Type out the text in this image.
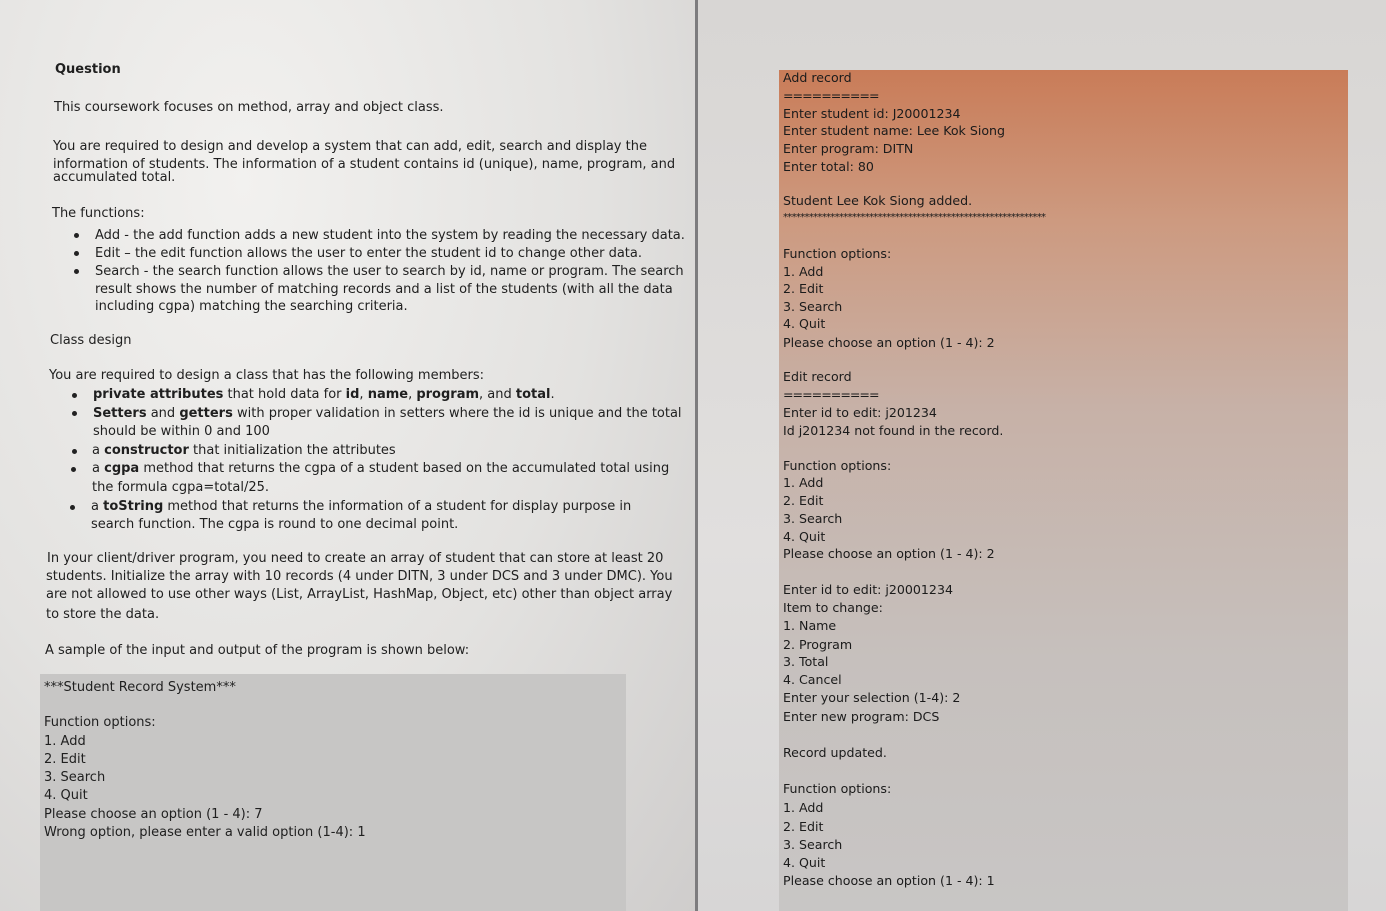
Question
This coursework focuses on method, array and object class.
You are required to design and develop a system that can add, edit, search and display the
information of students. The information of a student contains id (unique), name, program, and
accumulated total.
The functions:
Add - the add function adds a new student into the system by reading the necessary data.
Edit – the edit function allows the user to enter the student id to change other data.
Search - the search function allows the user to search by id, name or program. The search
result shows the number of matching records and a list of the students (with all the data
including cgpa) matching the searching criteria.
Class design
You are required to design a class that has the following members:
private attributes that hold data for id, name, program, and total.
Setters and getters with proper validation in setters where the id is unique and the total
should be within 0 and 100
a constructor that initialization the attributes
a cgpa method that returns the cgpa of a student based on the accumulated total using
the formula cgpa=total/25.
a toString method that returns the information of a student for display purpose in
search function. The cgpa is round to one decimal point.
In your client/driver program, you need to create an array of student that can store at least 20
students. Initialize the array with 10 records (4 under DITN, 3 under DCS and 3 under DMC). You
are not allowed to use other ways (List, ArrayList, HashMap, Object, etc) other than object array
to store the data.
A sample of the input and output of the program is shown below:
***Student Record System***
Function options:
1. Add
2. Edit
3. Search
4. Quit
Please choose an option (1 - 4): 7
Wrong option, please enter a valid option (1-4): 1
Add record
==========
Enter student id: J20001234
Enter student name: Lee Kok Siong
Enter program: DITN
Enter total: 80
Student Lee Kok Siong added.
*************************************************************
Function options:
1. Add
2. Edit
3. Search
4. Quit
Please choose an option (1 - 4): 2
Edit record
==========
Enter id to edit: j201234
Id j201234 not found in the record.
Function options:
1. Add
2. Edit
3. Search
4. Quit
Please choose an option (1 - 4): 2
Enter id to edit: j20001234
Item to change:
1. Name
2. Program
3. Total
4. Cancel
Enter your selection (1-4): 2
Enter new program: DCS
Record updated.
Function options:
1. Add
2. Edit
3. Search
4. Quit
Please choose an option (1 - 4): 1
